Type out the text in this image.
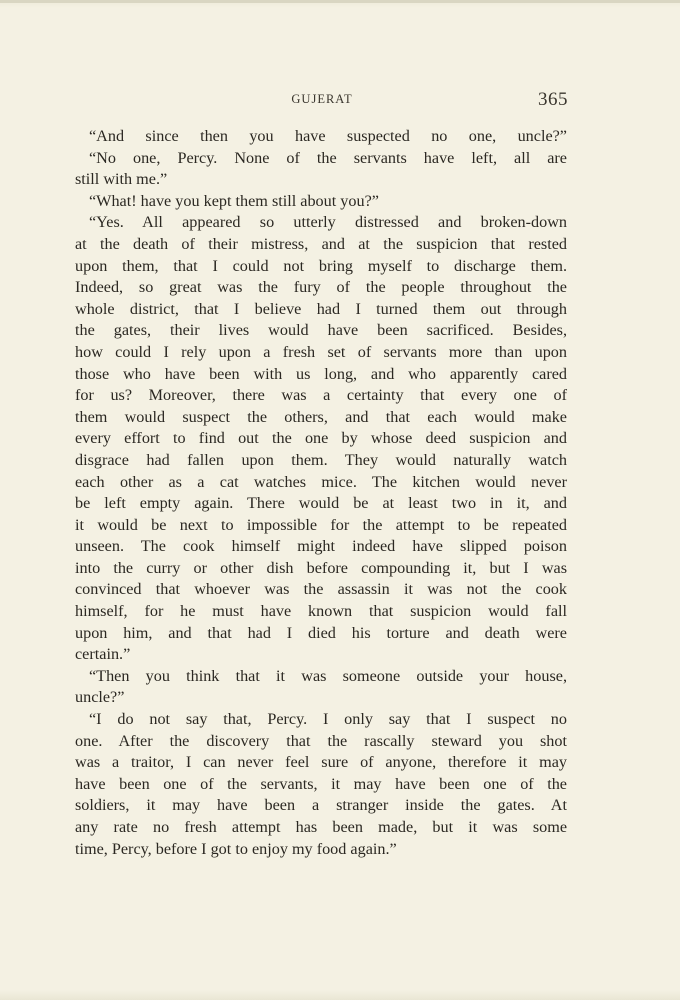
GUJERAT	365
“And since then you have suspected no one, uncle?”
“No one, Percy. None of the servants have left, all are
still with me.”
“What! have you kept them still about you?”
“Yes. All appeared so utterly distressed and broken-down
at the death of their mistress, and at the suspicion that rested
upon them, that I could not bring myself to discharge them.
Indeed, so great was the fury of the people throughout the
whole district, that I believe had I turned them out through
the gates, their lives would have been sacrificed. Besides,
how could I rely upon a fresh set of servants more than upon
those who have been with us long, and who apparently cared
for us? Moreover, there was a certainty that every one of
them would suspect the others, and that each would make
every effort to find out the one by whose deed suspicion and
disgrace had fallen upon them. They would naturally watch
each other as a cat watches mice. The kitchen would never
be left empty again. There would be at least two in it, and
it would be next to impossible for the attempt to be repeated
unseen. The cook himself might indeed have slipped poison
into the curry or other dish before compounding it, but I was
convinced that whoever was the assassin it was not the cook
himself, for he must have known that suspicion would fall
upon him, and that had I died his torture and death were
certain.”
“Then you think that it was someone outside your house,
uncle?”
“I do not say that, Percy. I only say that I suspect no
one. After the discovery that the rascally steward you shot
was a traitor, I can never feel sure of anyone, therefore it may
have been one of the servants, it may have been one of the
soldiers, it may have been a stranger inside the gates. At
any rate no fresh attempt has been made, but it was some
time, Percy, before I got to enjoy my food again.”
